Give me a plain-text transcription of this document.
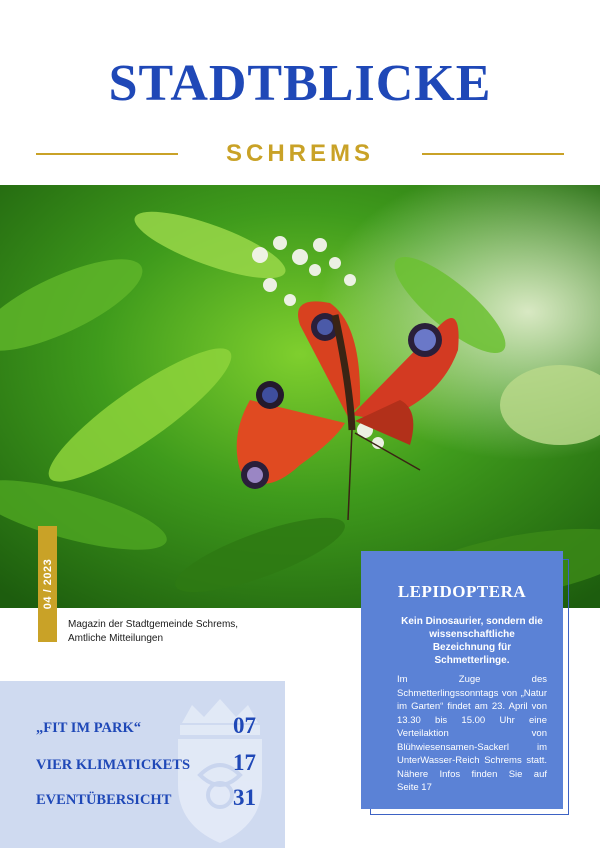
STADTBLICKE
SCHREMS
04 / 2023
Magazin der Stadtgemeinde Schrems,
Amtliche Mitteilungen
„FIT IM PARK“	07
VIER KLIMATICKETS 17
EVENTÜBERSICHT	31
LEPIDOPTERA
Kein Dinosaurier, sondern die wissenschaftliche Bezeichnung für Schmetterlinge.
Im Zuge des Schmetterlingssonntags von „Natur im Garten“ findet am 23. April von 13.30 bis 15.00 Uhr eine Verteilaktion von Blühwiesensamen-Sackerl im UnterWasser-Reich Schrems statt. Nähere Infos finden Sie auf Seite 17
